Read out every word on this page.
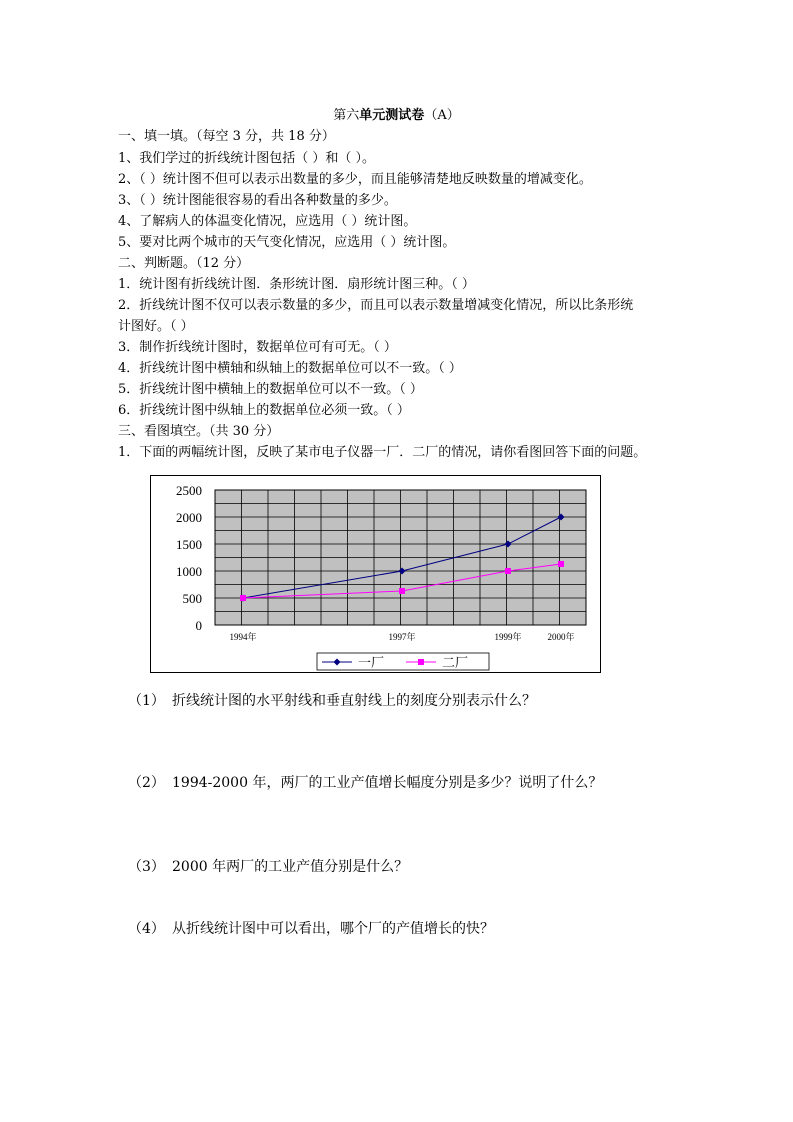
第六单元测试卷（A）
一、填一填。（每空 3 分，共 18 分）
1、我们学过的折线统计图包括（ ）和（ ）。
2、（ ）统计图不但可以表示出数量的多少，而且能够清楚地反映数量的增减变化。
3、（ ）统计图能很容易的看出各种数量的多少。
4、了解病人的体温变化情况，应选用（ ）统计图。
5、要对比两个城市的天气变化情况，应选用（ ）统计图。
二、判断题。（12 分）
1．统计图有折线统计图．条形统计图．扇形统计图三种。（ ）
2．折线统计图不仅可以表示数量的多少，而且可以表示数量增减变化情况，所以比条形统
计图好。（ ）
3．制作折线统计图时，数据单位可有可无。（ ）
4．折线统计图中横轴和纵轴上的数据单位可以不一致。（ ）
5．折线统计图中横轴上的数据单位可以不一致。（ ）
6．折线统计图中纵轴上的数据单位必须一致。（ ）
三、看图填空。（共 30 分）
1．下面的两幅统计图，反映了某市电子仪器一厂．二厂的情况，请你看图回答下面的问题。
2500
2000
1500
1000
500
0
1994年	1997年	1999年	2000年
一厂	二厂
（1） 折线统计图的水平射线和垂直射线上的刻度分别表示什么？
（2） 1994-2000 年，两厂的工业产值增长幅度分别是多少？说明了什么？
（3） 2000 年两厂的工业产值分别是什么？
（4） 从折线统计图中可以看出，哪个厂的产值增长的快？
